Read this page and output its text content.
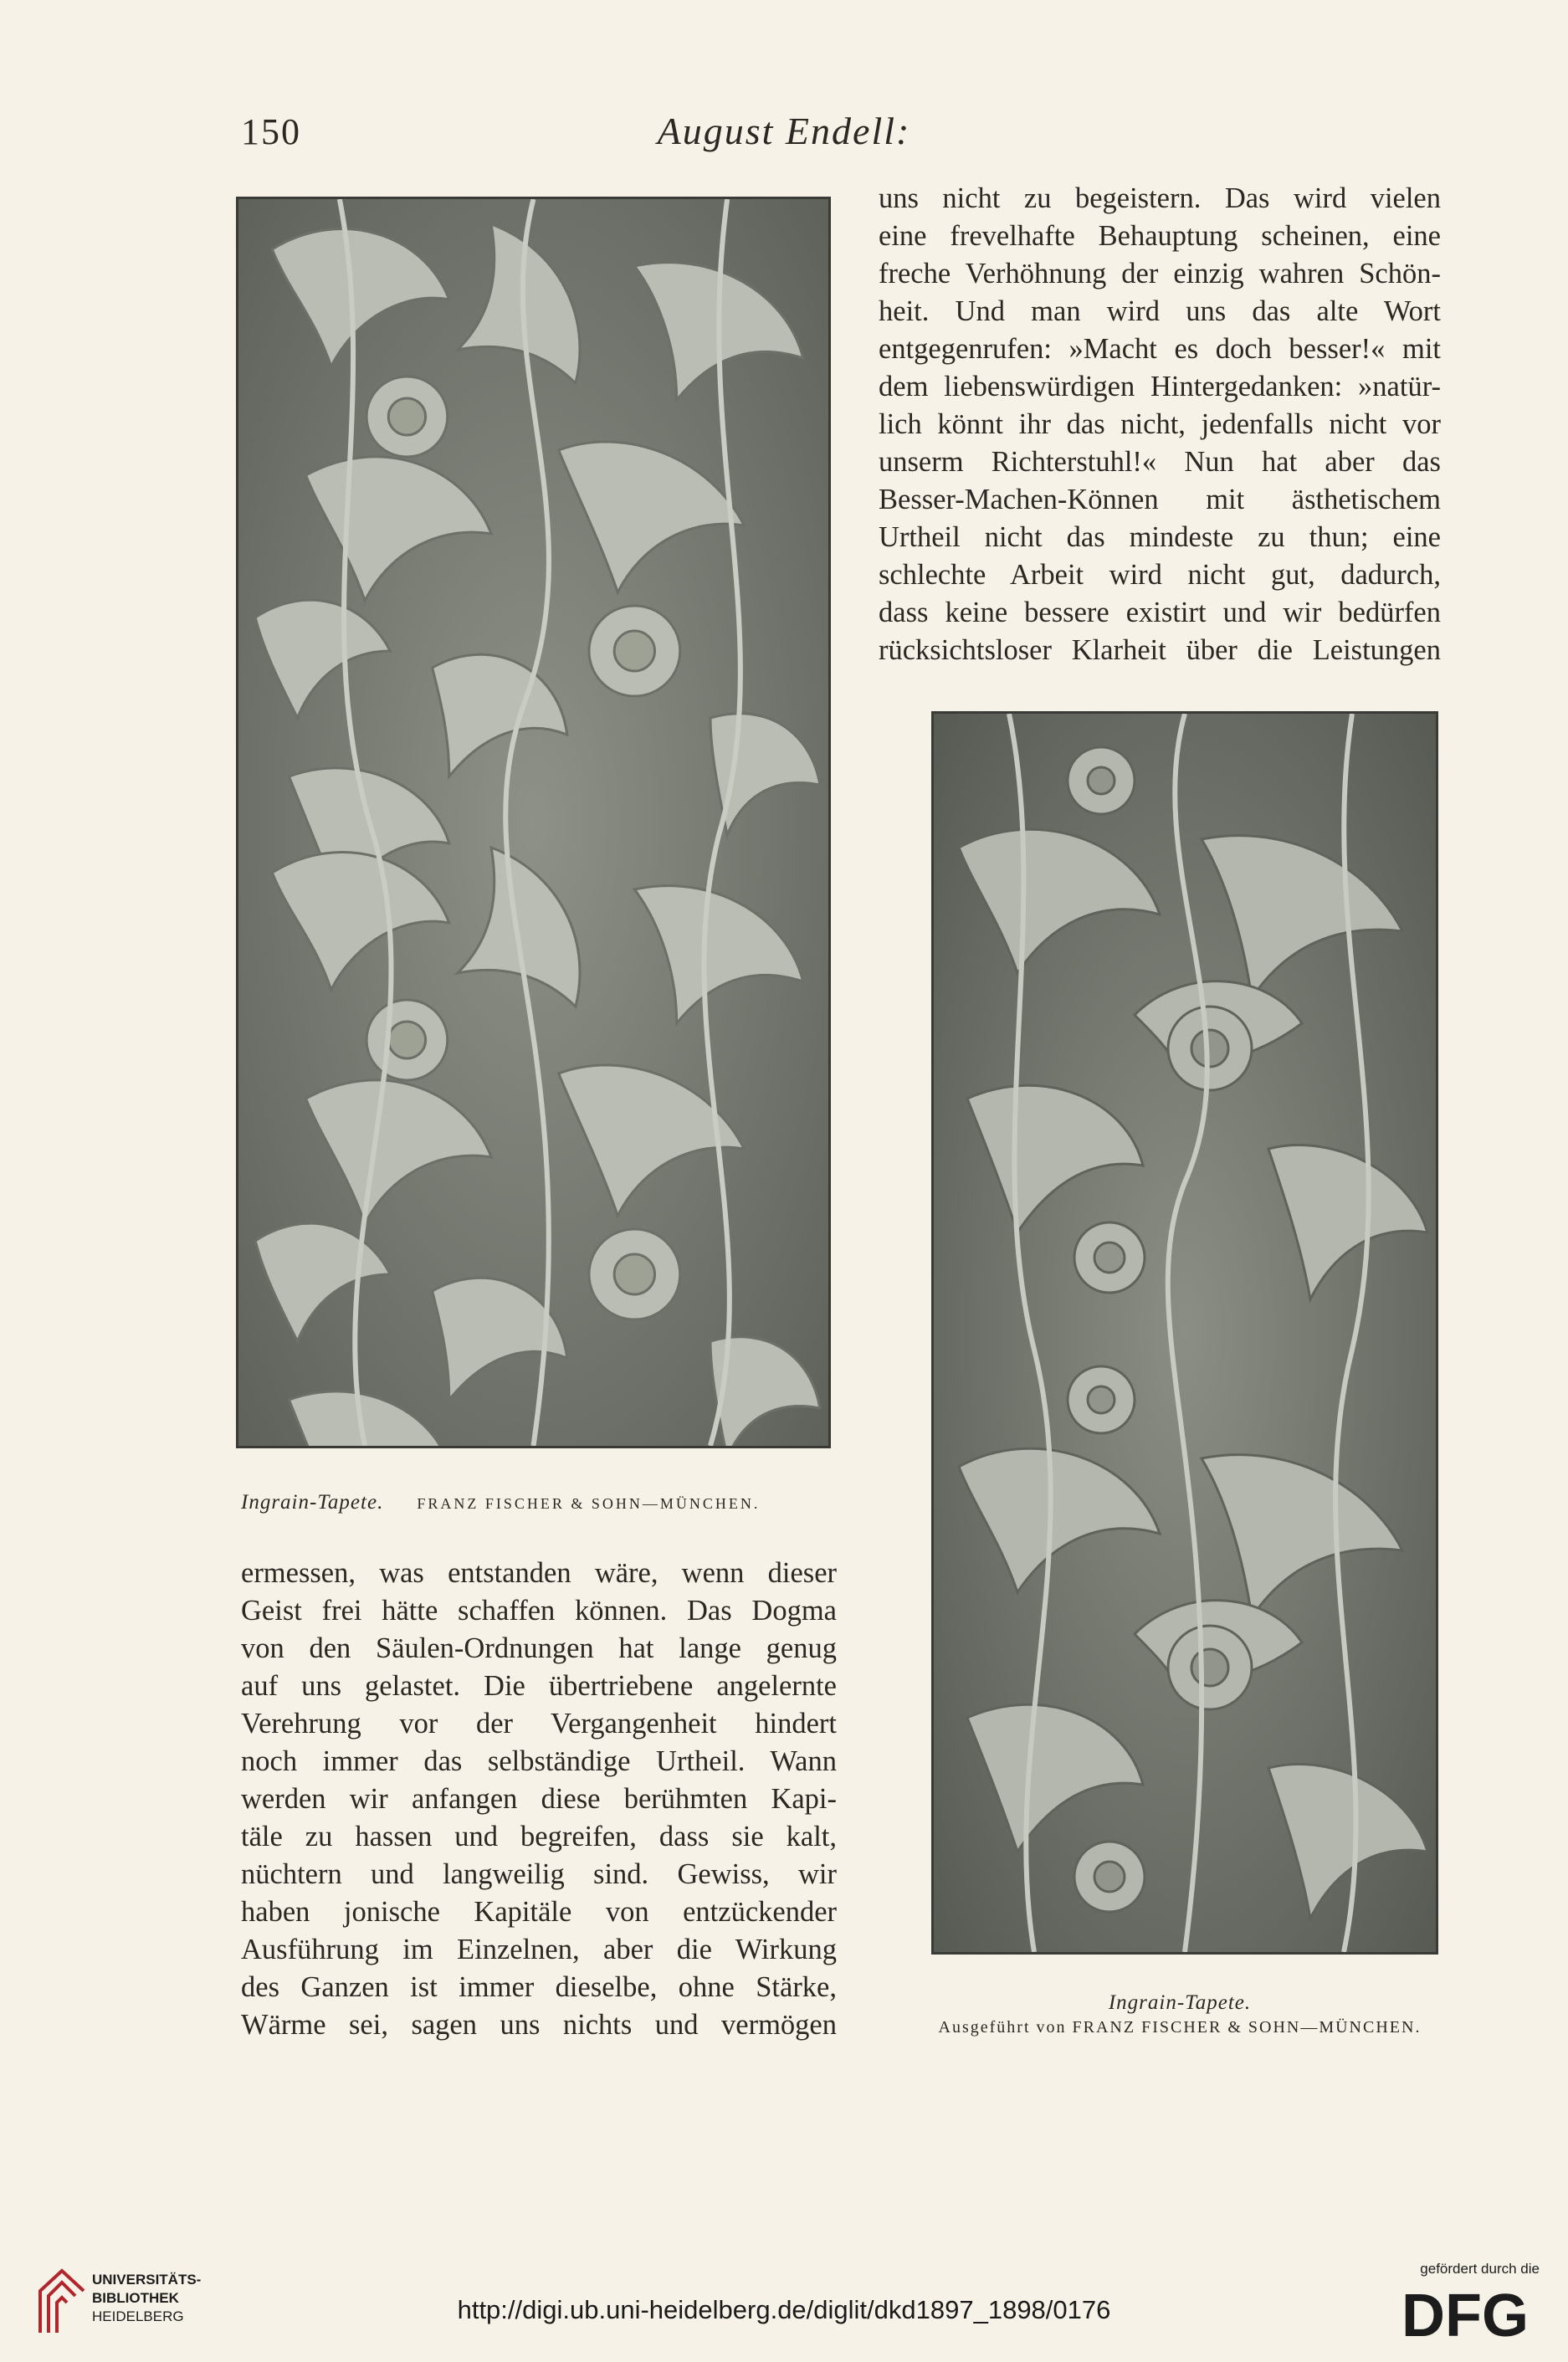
150	August Endell:
Ingrain-Tapete. FRANZ FISCHER & SOHN—MÜNCHEN.
Ingrain-Tapete.
Ausgeführt von FRANZ FISCHER & SOHN—MÜNCHEN.
uns nicht zu begeistern. Das wird vielen
eine frevelhafte Behauptung scheinen, eine
freche Verhöhnung der einzig wahren Schön-
heit. Und man wird uns das alte Wort
entgegenrufen: »Macht es doch besser!« mit
dem liebenswürdigen Hintergedanken: »natür-
lich könnt ihr das nicht, jedenfalls nicht vor
unserm Richterstuhl!« Nun hat aber das
Besser-Machen-Können mit ästhetischem
Urtheil nicht das mindeste zu thun; eine
schlechte Arbeit wird nicht gut, dadurch,
dass keine bessere existirt und wir bedürfen
rücksichtsloser Klarheit über die Leistungen
ermessen, was entstanden wäre, wenn dieser
Geist frei hätte schaffen können. Das Dogma
von den Säulen-Ordnungen hat lange genug
auf uns gelastet. Die übertriebene angelernte
Verehrung vor der Vergangenheit hindert
noch immer das selbständige Urtheil. Wann
werden wir anfangen diese berühmten Kapi-
täle zu hassen und begreifen, dass sie kalt,
nüchtern und langweilig sind. Gewiss, wir
haben jonische Kapitäle von entzückender
Ausführung im Einzelnen, aber die Wirkung
des Ganzen ist immer dieselbe, ohne Stärke,
Wärme sei, sagen uns nichts und vermögen
UNIVERSITÄTS-
BIBLIOTHEK
HEIDELBERG	http://digi.ub.uni-heidelberg.de/diglit/dkd1897_1898/0176
gefördert durch die
DFG
